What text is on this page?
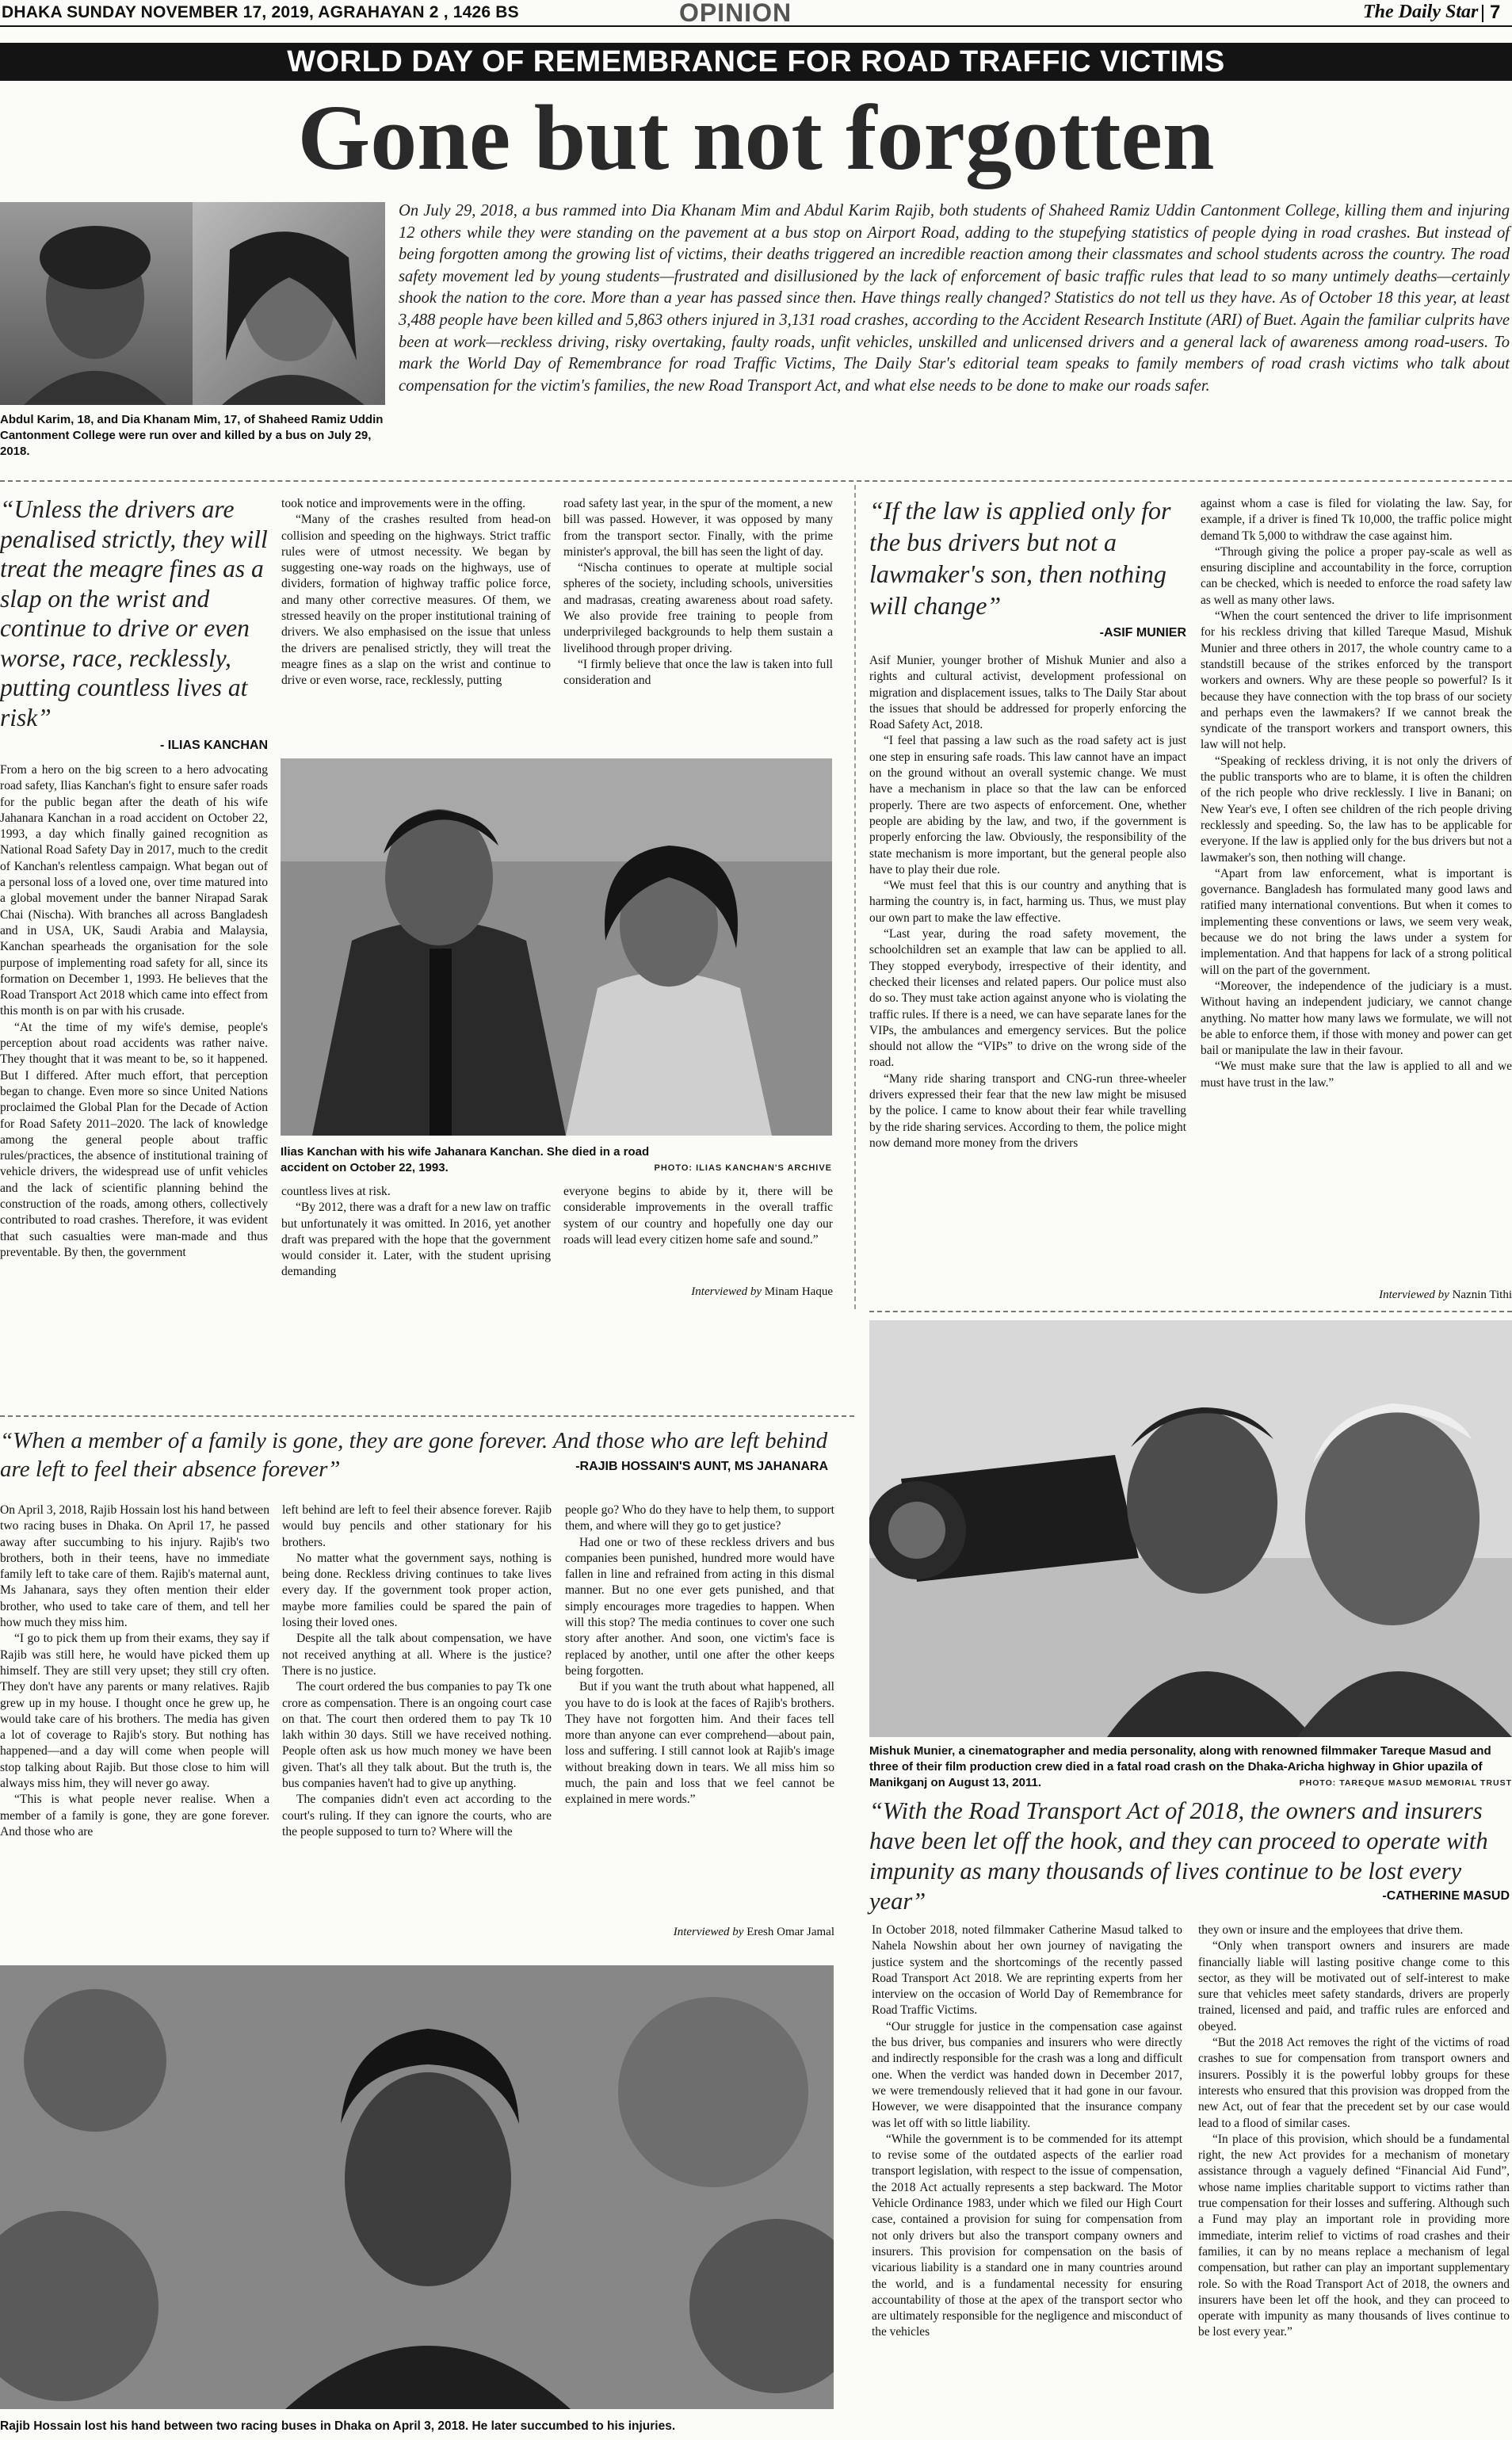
DHAKA SUNDAY NOVEMBER 17, 2019, AGRAHAYAN 2 , 1426 BS	OPINION	The Daily Star 7
WORLD DAY OF REMEMBRANCE FOR ROAD TRAFFIC VICTIMS
Gone but not forgotten
Abdul Karim, 18, and Dia Khanam Mim, 17, of Shaheed Ramiz Uddin Cantonment College were run over and killed by a bus on July 29, 2018.
On July 29, 2018, a bus rammed into Dia Khanam Mim and Abdul Karim Rajib, both students of Shaheed Ramiz Uddin Cantonment College, killing them and injuring 12 others while they were standing on the pavement at a bus stop on Airport Road, adding to the stupefying statistics of people dying in road crashes. But instead of being forgotten among the growing list of victims, their deaths triggered an incredible reaction among their classmates and school students across the country. The road safety movement led by young students—frustrated and disillusioned by the lack of enforcement of basic traffic rules that lead to so many untimely deaths—certainly shook the nation to the core. More than a year has passed since then. Have things really changed? Statistics do not tell us they have. As of October 18 this year, at least 3,488 people have been killed and 5,863 others injured in 3,131 road crashes, according to the Accident Research Institute (ARI) of Buet. Again the familiar culprits have been at work—reckless driving, risky overtaking, faulty roads, unfit vehicles, unskilled and unlicensed drivers and a general lack of awareness among road-users. To mark the World Day of Remembrance for road Traffic Victims, The Daily Star's editorial team speaks to family members of road crash victims who talk about compensation for the victim's families, the new Road Transport Act, and what else needs to be done to make our roads safer.
“Unless the drivers are penalised strictly, they will treat the meagre fines as a slap on the wrist and continue to drive or even worse, race, recklessly, putting countless lives at risk”
- ILIAS KANCHAN

From a hero on the big screen to a hero advocating road safety, Ilias Kanchan's fight to ensure safer roads for the public began after the death of his wife Jahanara Kanchan in a road accident on October 22, 1993, a day which finally gained recognition as National Road Safety Day in 2017, much to the credit of Kanchan's relentless campaign. What began out of a personal loss of a loved one, over time matured into a global movement under the banner Nirapad Sarak Chai (Nischa). With branches all across Bangladesh and in USA, UK, Saudi Arabia and Malaysia, Kanchan spearheads the organisation for the sole purpose of implementing road safety for all, since its formation on December 1, 1993. He believes that the Road Transport Act 2018 which came into effect from this month is on par with his crusade.

“At the time of my wife's demise, people's perception about road accidents was rather naive. They thought that it was meant to be, so it happened. But I differed. After much effort, that perception began to change. Even more so since United Nations proclaimed the Global Plan for the Decade of Action for Road Safety 2011–2020. The lack of knowledge among the general people about traffic rules/practices, the absence of institutional training of vehicle drivers, the widespread use of unfit vehicles and the lack of scientific planning behind the construction of the roads, among others, collectively contributed to road crashes. Therefore, it was evident that such casualties were man-made and thus preventable. By then, the government

took notice and improvements were in the offing.

“Many of the crashes resulted from head-on collision and speeding on the highways. Strict traffic rules were of utmost necessity. We began by suggesting one-way roads on the highways, use of dividers, formation of highway traffic police force, and many other corrective measures. Of them, we stressed heavily on the proper institutional training of drivers. We also emphasised on the issue that unless the drivers are penalised strictly, they will treat the meagre fines as a slap on the wrist and continue to drive or even worse, race, recklessly, putting

road safety last year, in the spur of the moment, a new bill was passed. However, it was opposed by many from the transport sector. Finally, with the prime minister's approval, the bill has seen the light of day.

“Nischa continues to operate at multiple social spheres of the society, including schools, universities and madrasas, creating awareness about road safety. We also provide free training to people from underprivileged backgrounds to help them sustain a livelihood through proper driving.

“I firmly believe that once the law is taken into full consideration and

Ilias Kanchan with his wife Jahanara Kanchan. She died in a road accident on October 22, 1993.	PHOTO: ILIAS KANCHAN'S ARCHIVE

countless lives at risk.

“By 2012, there was a draft for a new law on traffic but unfortunately it was omitted. In 2016, yet another draft was prepared with the hope that the government would consider it. Later, with the student uprising demanding

everyone begins to abide by it, there will be considerable improvements in the overall traffic system of our country and hopefully one day our roads will lead every citizen home safe and sound.”

Interviewed by Minam Haque
“If the law is applied only for the bus drivers but not a lawmaker's son, then nothing will change”
-ASIF MUNIER

Asif Munier, younger brother of Mishuk Munier and also a rights and cultural activist, development professional on migration and displacement issues, talks to The Daily Star about the issues that should be addressed for properly enforcing the Road Safety Act, 2018.

“I feel that passing a law such as the road safety act is just one step in ensuring safe roads. This law cannot have an impact on the ground without an overall systemic change. We must have a mechanism in place so that the law can be enforced properly. There are two aspects of enforcement. One, whether people are abiding by the law, and two, if the government is properly enforcing the law. Obviously, the responsibility of the state mechanism is more important, but the general people also have to play their due role.

“We must feel that this is our country and anything that is harming the country is, in fact, harming us. Thus, we must play our own part to make the law effective.

“Last year, during the road safety movement, the schoolchildren set an example that law can be applied to all. They stopped everybody, irrespective of their identity, and checked their licenses and related papers. Our police must also do so. They must take action against anyone who is violating the traffic rules. If there is a need, we can have separate lanes for the VIPs, the ambulances and emergency services. But the police should not allow the “VIPs” to drive on the wrong side of the road.

“Many ride sharing transport and CNG-run three-wheeler drivers expressed their fear that the new law might be misused by the police. I came to know about their fear while travelling by the ride sharing services. According to them, the police might now demand more money from the drivers

against whom a case is filed for violating the law. Say, for example, if a driver is fined Tk 10,000, the traffic police might demand Tk 5,000 to withdraw the case against him.

“Through giving the police a proper pay-scale as well as ensuring discipline and accountability in the force, corruption can be checked, which is needed to enforce the road safety law as well as many other laws.

“When the court sentenced the driver to life imprisonment for his reckless driving that killed Tareque Masud, Mishuk Munier and three others in 2017, the whole country came to a standstill because of the strikes enforced by the transport workers and owners. Why are these people so powerful? Is it because they have connection with the top brass of our society and perhaps even the lawmakers? If we cannot break the syndicate of the transport workers and transport owners, this law will not help.

“Speaking of reckless driving, it is not only the drivers of the public transports who are to blame, it is often the children of the rich people who drive recklessly. I live in Banani; on New Year's eve, I often see children of the rich people driving recklessly and speeding. So, the law has to be applicable for everyone. If the law is applied only for the bus drivers but not a lawmaker's son, then nothing will change.

“Apart from law enforcement, what is important is governance. Bangladesh has formulated many good laws and ratified many international conventions. But when it comes to implementing these conventions or laws, we seem very weak, because we do not bring the laws under a system for implementation. And that happens for lack of a strong political will on the part of the government.

“Moreover, the independence of the judiciary is a must. Without having an independent judiciary, we cannot change anything. No matter how many laws we formulate, we will not be able to enforce them, if those with money and power can get bail or manipulate the law in their favour.

“We must make sure that the law is applied to all and we must have trust in the law.”

Interviewed by Naznin Tithi
“When a member of a family is gone, they are gone forever. And those who are left behind are left to feel their absence forever”	-RAJIB HOSSAIN'S AUNT, MS JAHANARA

On April 3, 2018, Rajib Hossain lost his hand between two racing buses in Dhaka. On April 17, he passed away after succumbing to his injury. Rajib's two brothers, both in their teens, have no immediate family left to take care of them. Rajib's maternal aunt, Ms Jahanara, says they often mention their elder brother, who used to take care of them, and tell her how much they miss him.

“I go to pick them up from their exams, they say if Rajib was still here, he would have picked them up himself. They are still very upset; they still cry often. They don't have any parents or many relatives. Rajib grew up in my house. I thought once he grew up, he would take care of his brothers. The media has given a lot of coverage to Rajib's story. But nothing has happened—and a day will come when people will stop talking about Rajib. But those close to him will always miss him, they will never go away.

“This is what people never realise. When a member of a family is gone, they are gone forever. And those who are

left behind are left to feel their absence forever. Rajib would buy pencils and other stationary for his brothers.

No matter what the government says, nothing is being done. Reckless driving continues to take lives every day. If the government took proper action, maybe more families could be spared the pain of losing their loved ones.

Despite all the talk about compensation, we have not received anything at all. Where is the justice? There is no justice.

The court ordered the bus companies to pay Tk one crore as compensation. There is an ongoing court case on that. The court then ordered them to pay Tk 10 lakh within 30 days. Still we have received nothing. People often ask us how much money we have been given. That's all they talk about. But the truth is, the bus companies haven't had to give up anything.

The companies didn't even act according to the court's ruling. If they can ignore the courts, who are the people supposed to turn to? Where will the

people go? Who do they have to help them, to support them, and where will they go to get justice?

Had one or two of these reckless drivers and bus companies been punished, hundred more would have fallen in line and refrained from acting in this dismal manner. But no one ever gets punished, and that simply encourages more tragedies to happen. When will this stop? The media continues to cover one such story after another. And soon, one victim's face is replaced by another, until one after the other keeps being forgotten.

But if you want the truth about what happened, all you have to do is look at the faces of Rajib's brothers. They have not forgotten him. And their faces tell more than anyone can ever comprehend—about pain, loss and suffering. I still cannot look at Rajib's image without breaking down in tears. We all miss him so much, the pain and loss that we feel cannot be explained in mere words.”

Interviewed by Eresh Omar Jamal
Rajib Hossain lost his hand between two racing buses in Dhaka on April 3, 2018. He later succumbed to his injuries.
Mishuk Munier, a cinematographer and media personality, along with renowned filmmaker Tareque Masud and three of their film production crew died in a fatal road crash on the Dhaka-Aricha highway in Ghior upazila of Manikganj on August 13, 2011.	PHOTO: TAREQUE MASUD MEMORIAL TRUST
“With the Road Transport Act of 2018, the owners and insurers have been let off the hook, and they can proceed to operate with impunity as many thousands of lives continue to be lost every year”	-CATHERINE MASUD

In October 2018, noted filmmaker Catherine Masud talked to Nahela Nowshin about her own journey of navigating the justice system and the shortcomings of the recently passed Road Transport Act 2018. We are reprinting experts from her interview on the occasion of World Day of Remembrance for Road Traffic Victims.

“Our struggle for justice in the compensation case against the bus driver, bus companies and insurers who were directly and indirectly responsible for the crash was a long and difficult one. When the verdict was handed down in December 2017, we were tremendously relieved that it had gone in our favour. However, we were disappointed that the insurance company was let off with so little liability.

“While the government is to be commended for its attempt to revise some of the outdated aspects of the earlier road transport legislation, with respect to the issue of compensation, the 2018 Act actually represents a step backward. The Motor Vehicle Ordinance 1983, under which we filed our High Court case, contained a provision for suing for compensation from not only drivers but also the transport company owners and insurers. This provision for compensation on the basis of vicarious liability is a standard one in many countries around the world, and is a fundamental necessity for ensuring accountability of those at the apex of the transport sector who are ultimately responsible for the negligence and misconduct of the vehicles

they own or insure and the employees that drive them.

“Only when transport owners and insurers are made financially liable will lasting positive change come to this sector, as they will be motivated out of self-interest to make sure that vehicles meet safety standards, drivers are properly trained, licensed and paid, and traffic rules are enforced and obeyed.

“But the 2018 Act removes the right of the victims of road crashes to sue for compensation from transport owners and insurers. Possibly it is the powerful lobby groups for these interests who ensured that this provision was dropped from the new Act, out of fear that the precedent set by our case would lead to a flood of similar cases.

“In place of this provision, which should be a fundamental right, the new Act provides for a mechanism of monetary assistance through a vaguely defined “Financial Aid Fund”, whose name implies charitable support to victims rather than true compensation for their losses and suffering. Although such a Fund may play an important role in providing more immediate, interim relief to victims of road crashes and their families, it can by no means replace a mechanism of legal compensation, but rather can play an important supplementary role. So with the Road Transport Act of 2018, the owners and insurers have been let off the hook, and they can proceed to operate with impunity as many thousands of lives continue to be lost every year.”
